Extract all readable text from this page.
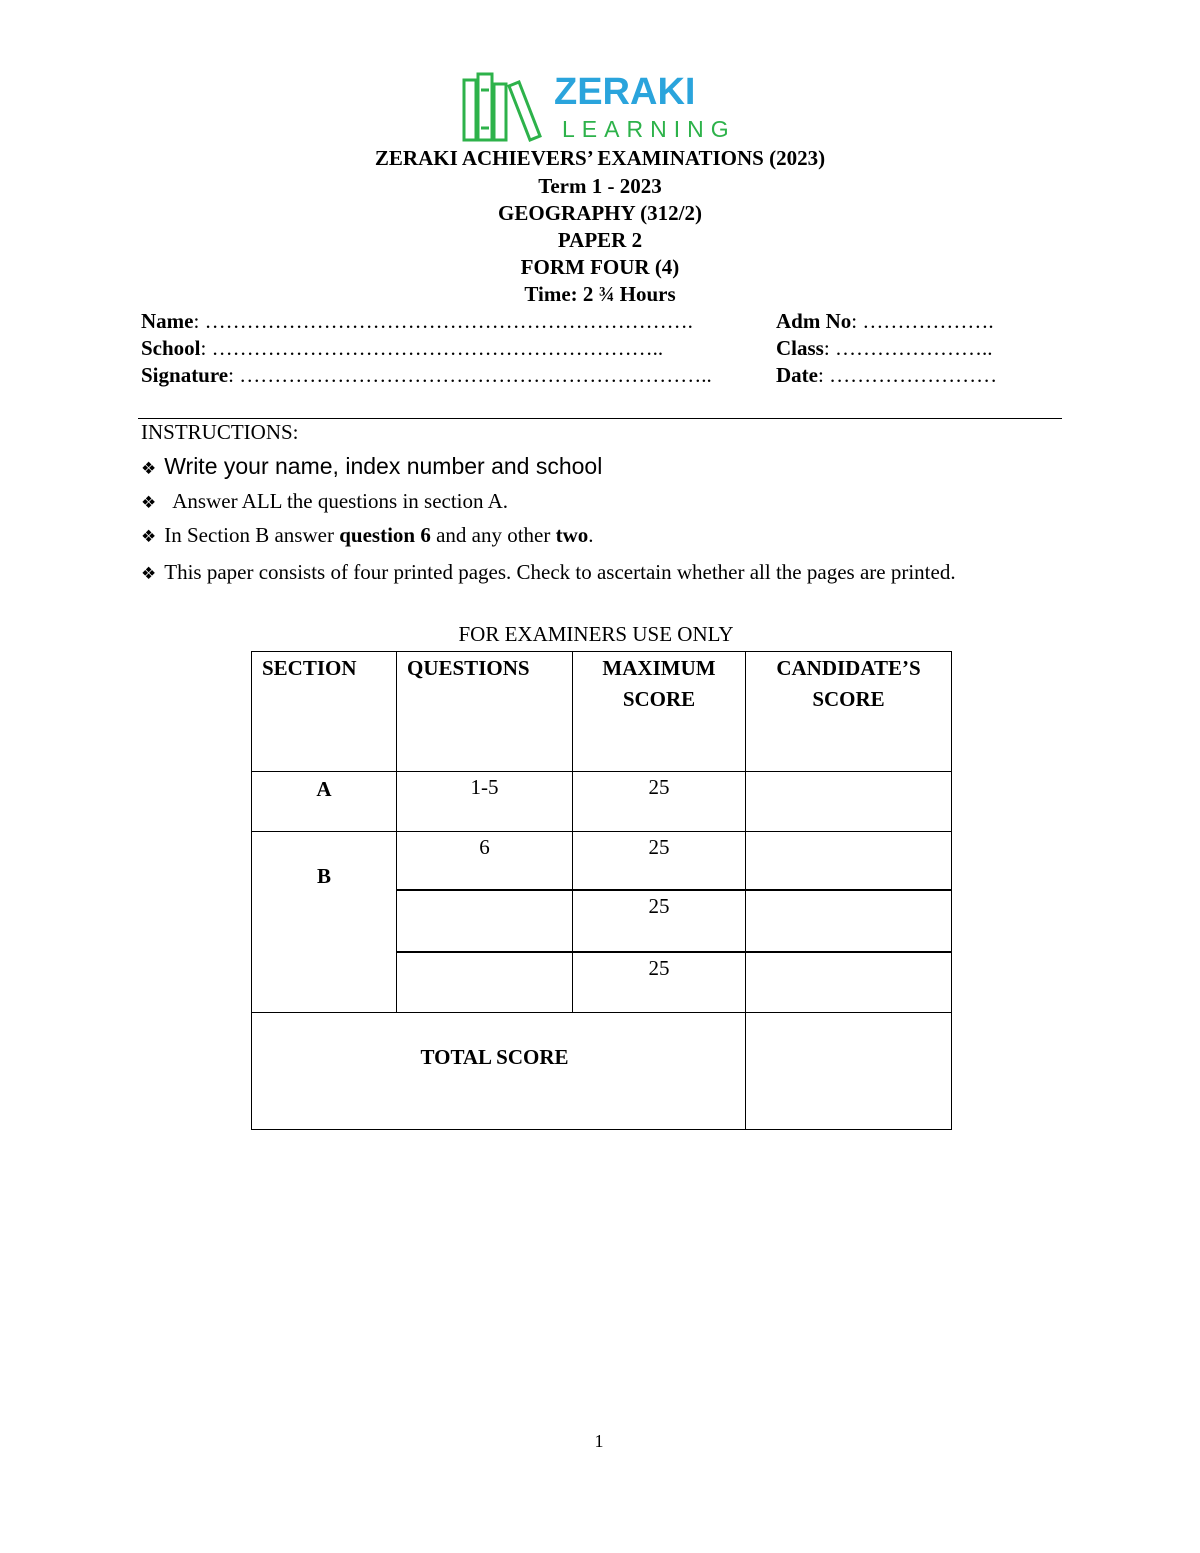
ZERAKI
LEARNING
ZERAKI ACHIEVERS’ EXAMINATIONS (2023)
Term 1 - 2023
GEOGRAPHY (312/2)
PAPER 2
FORM FOUR (4)
Time: 2 ¾ Hours
Name: …………………………………………………………….	Adm No: ……………….
School: ………………………………………………………..	Class: …………………..
Signature: …………………………………………………………..	Date: ……………………
INSTRUCTIONS:
❖ Write your name, index number and school
❖ Answer ALL the questions in section A.
❖ In Section B answer question 6 and any other two.
❖ This paper consists of four printed pages. Check to ascertain whether all the pages are printed.
FOR EXAMINERS USE ONLY
SECTION	QUESTIONS	MAXIMUM SCORE	CANDIDATE’S SCORE
A	1-5	25	
B	6	25	
		25	
		25	
TOTAL SCORE			
1
